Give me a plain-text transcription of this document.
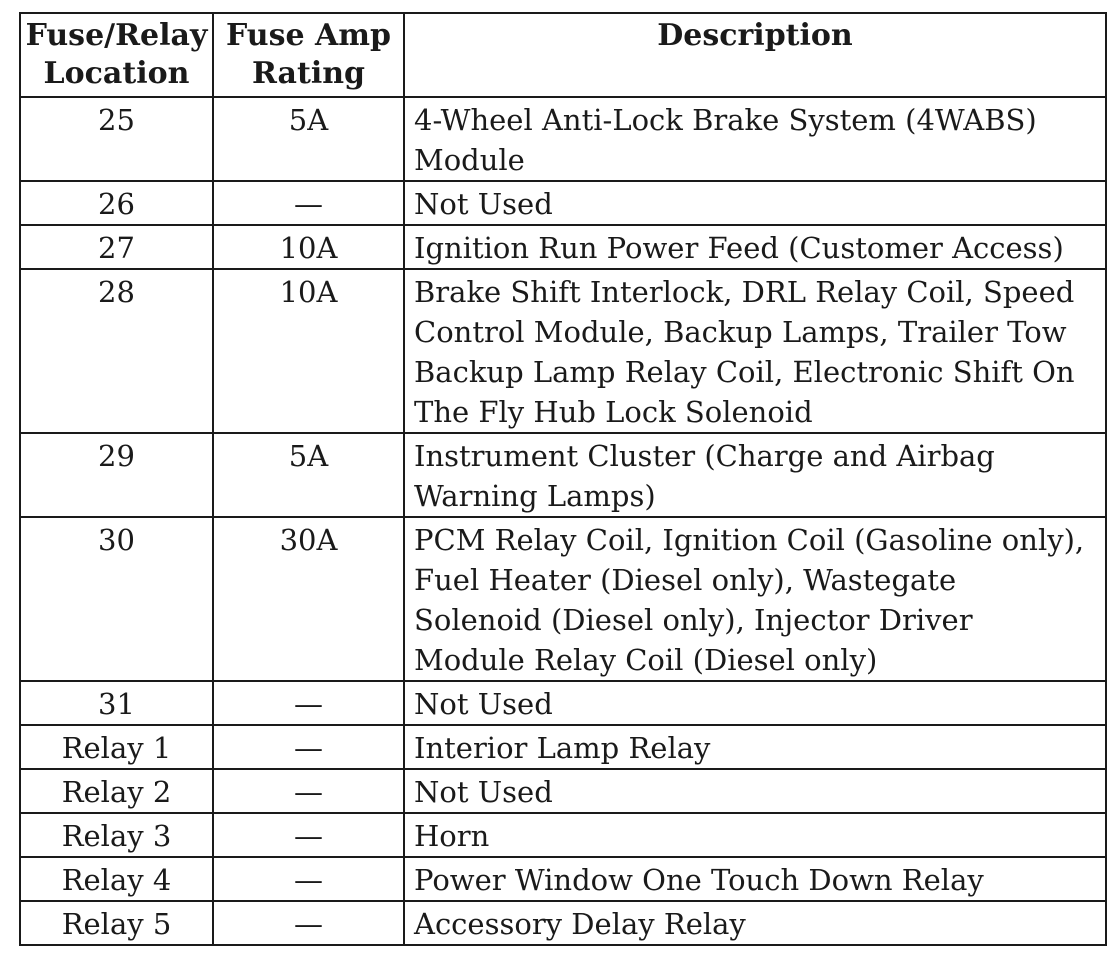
Fuse/Relay Location	Fuse Amp Rating	Description
25	5A	4-Wheel Anti-Lock Brake System (4WABS)
Module

26	—	Not Used

27	10A	Ignition Run Power Feed (Customer Access)

28	10A	Brake Shift Interlock, DRL Relay Coil, Speed
Control Module, Backup Lamps, Trailer Tow
Backup Lamp Relay Coil, Electronic Shift On
The Fly Hub Lock Solenoid

29	5A	Instrument Cluster (Charge and Airbag
Warning Lamps)

30	30A	PCM Relay Coil, Ignition Coil (Gasoline only),
Fuel Heater (Diesel only), Wastegate
Solenoid (Diesel only), Injector Driver
Module Relay Coil (Diesel only)

31	—	Not Used

Relay 1	—	Interior Lamp Relay

Relay 2	—	Not Used

Relay 3	—	Horn

Relay 4	—	Power Window One Touch Down Relay

Relay 5	—	Accessory Delay Relay
